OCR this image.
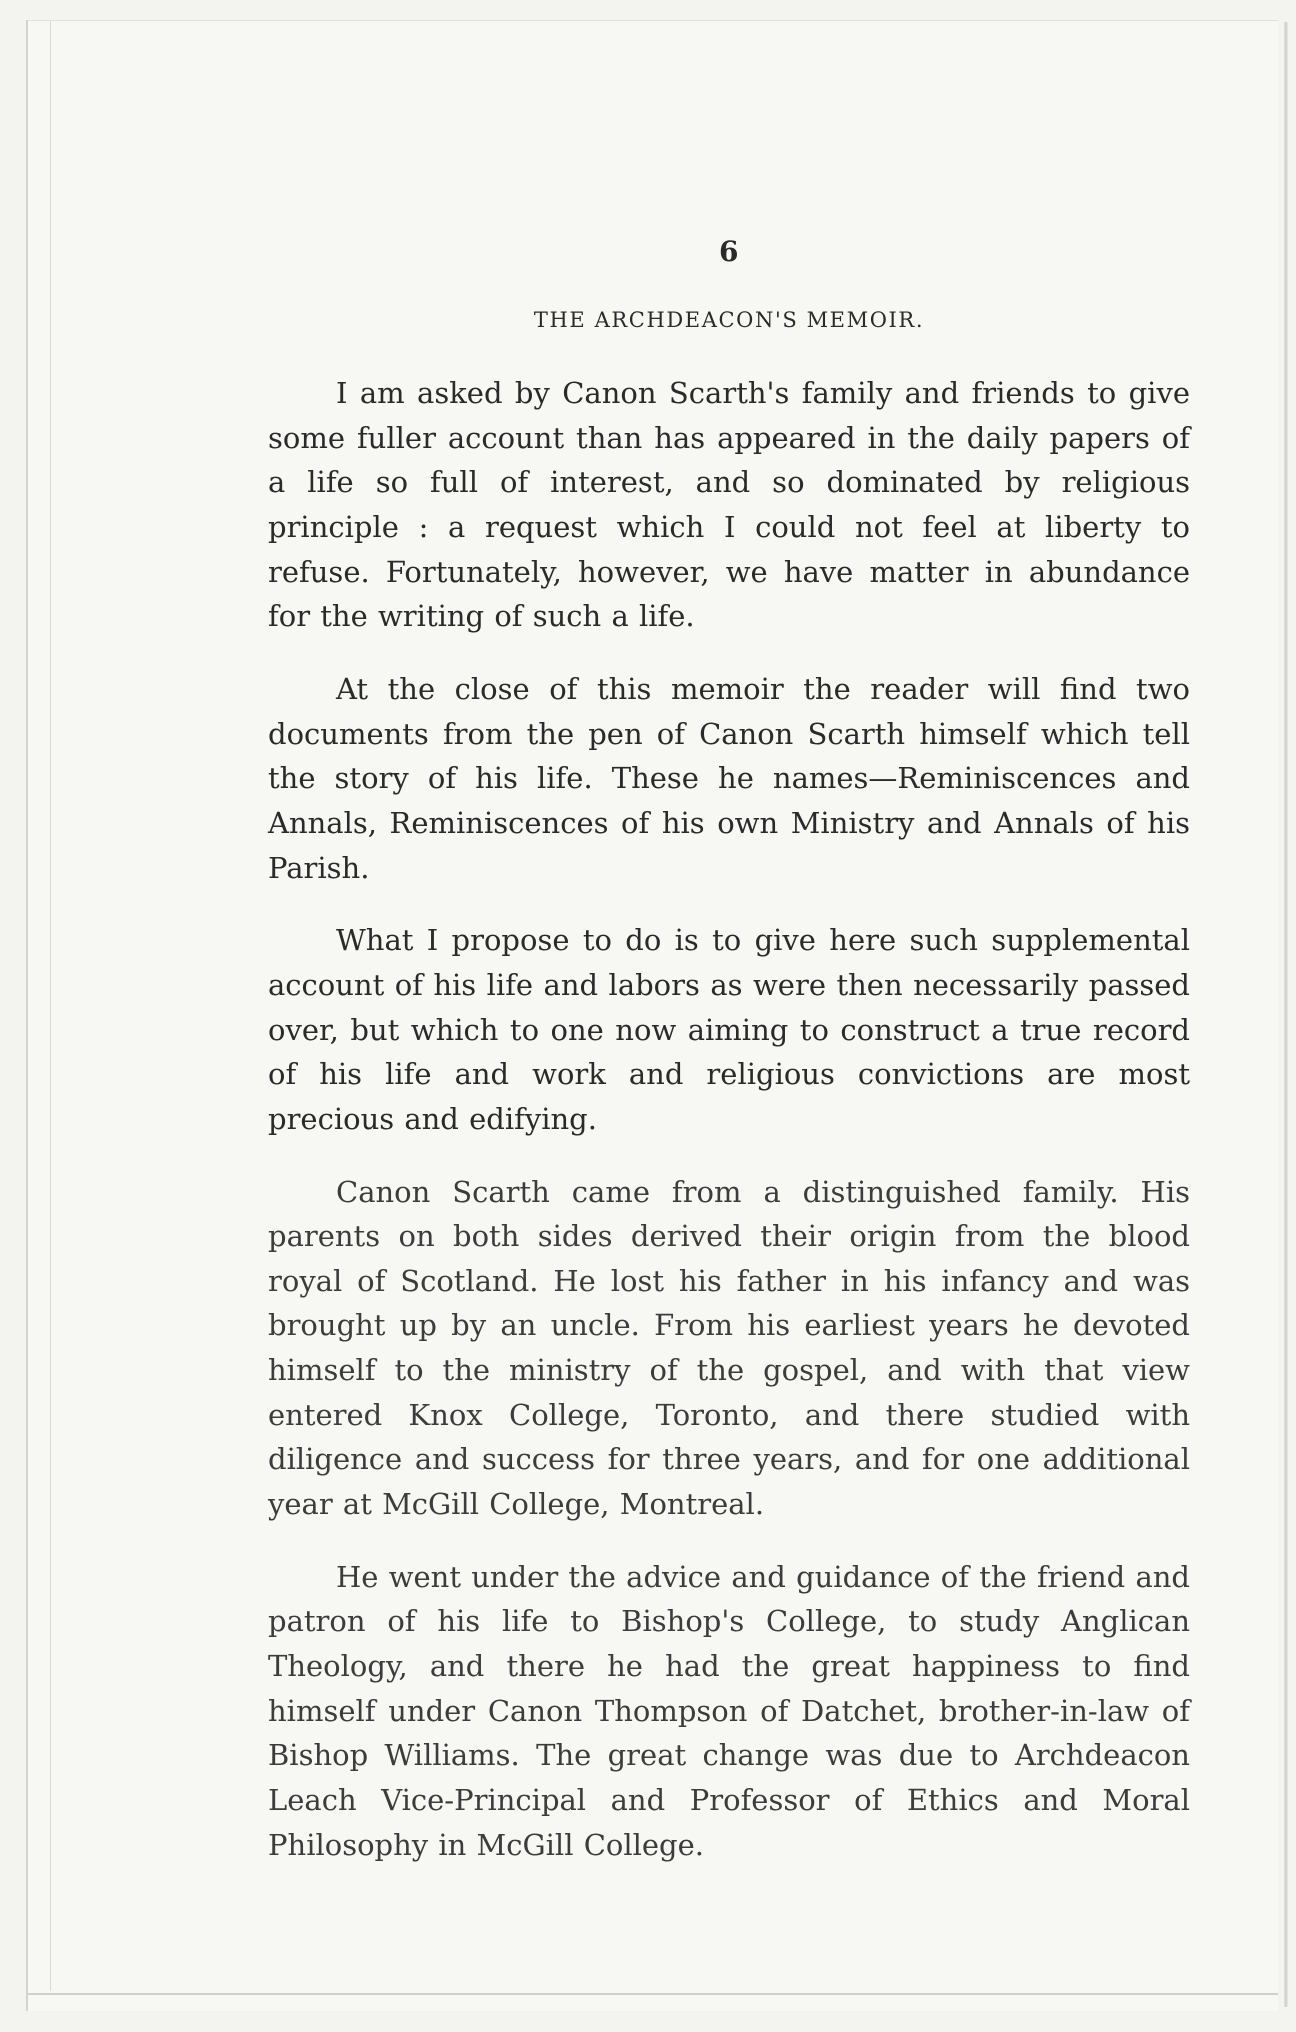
6
THE ARCHDEACON'S MEMOIR.

I am asked by Canon Scarth's family and friends to give some fuller account than has appeared in the daily papers of a life so full of interest, and so dominated by religious principle : a request which I could not feel at liberty to refuse. Fortunately, however, we have matter in abundance for the writing of such a life.

At the close of this memoir the reader will find two documents from the pen of Canon Scarth himself which tell the story of his life. These he names—Reminiscences and Annals, Reminiscences of his own Ministry and Annals of his Parish.

What I propose to do is to give here such supplemental account of his life and labors as were then necessarily passed over, but which to one now aiming to construct a true record of his life and work and religious convictions are most precious and edifying.

Canon Scarth came from a distinguished family. His parents on both sides derived their origin from the blood royal of Scotland. He lost his father in his infancy and was brought up by an uncle. From his earliest years he devoted himself to the ministry of the gospel, and with that view entered Knox College, Toronto, and there studied with diligence and success for three years, and for one additional year at McGill College, Montreal.

He went under the advice and guidance of the friend and patron of his life to Bishop's College, to study Anglican Theology, and there he had the great happiness to find himself under Canon Thompson of Datchet, brother-in-law of Bishop Williams. The great change was due to Archdeacon Leach Vice-Principal and Professor of Ethics and Moral Philosophy in McGill College.
